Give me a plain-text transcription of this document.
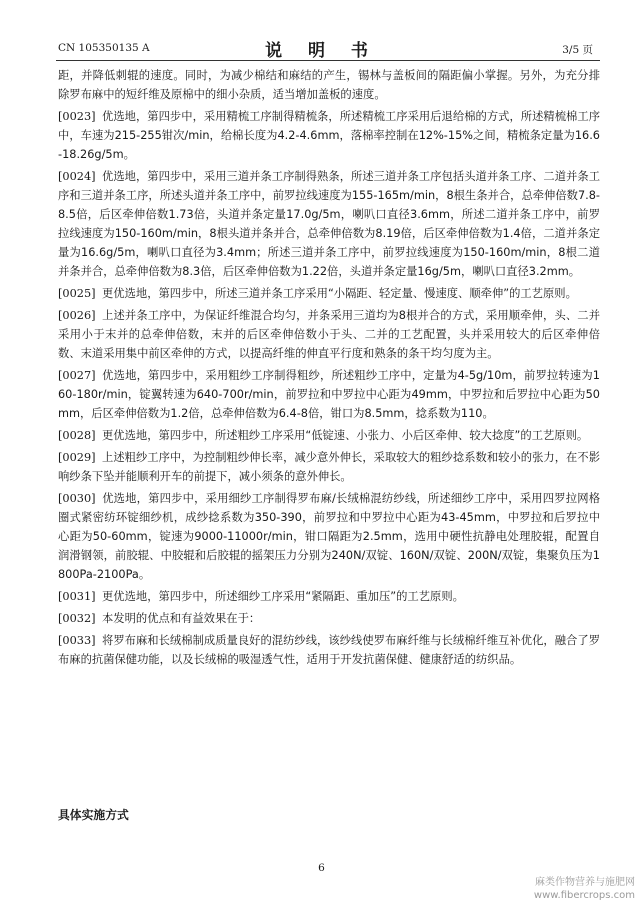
CN 105350135 A	说 明 书	3/5 页

距，并降低刺辊的速度。同时，为减少棉结和麻结的产生，锡林与盖板间的隔距偏小掌握。另外，为充分排除罗布麻中的短纤维及原棉中的细小杂质，适当增加盖板的速度。

[0023] 优选地，第四步中，采用精梳工序制得精梳条，所述精梳工序采用后退给棉的方式，所述精梳棉工序中，车速为215-255钳次/min，给棉长度为4.2-4.6mm，落棉率控制在12%-15%之间，精梳条定量为16.6-18.26g/5m。

[0024] 优选地，第四步中，采用三道并条工序制得熟条，所述三道并条工序包括头道并条工序、二道并条工序和三道并条工序，所述头道并条工序中，前罗拉线速度为155-165m/min，8根生条并合，总牵伸倍数7.8-8.5倍，后区牵伸倍数1.73倍，头道并条定量17.0g/5m，喇叭口直径3.6mm，所述二道并条工序中，前罗拉线速度为150-160m/min，8根头道并条并合，总牵伸倍数为8.19倍，后区牵伸倍数为1.4倍，二道并条定量为16.6g/5m，喇叭口直径为3.4mm；所述三道并条工序中，前罗拉线速度为150-160m/min，8根二道并条并合，总牵伸倍数为8.3倍，后区牵伸倍数为1.22倍，头道并条定量16g/5m，喇叭口直径3.2mm。

[0025] 更优选地，第四步中，所述三道并条工序采用“小隔距、轻定量、慢速度、顺牵伸”的工艺原则。

[0026] 上述并条工序中，为保证纤维混合均匀，并条采用三道均为8根并合的方式，采用顺牵伸，头、二并采用小于末并的总牵伸倍数，末并的后区牵伸倍数小于头、二并的工艺配置，头并采用较大的后区牵伸倍数、末道采用集中前区牵伸的方式，以提高纤维的伸直平行度和熟条的条干均匀度为主。

[0027] 优选地，第四步中，采用粗纱工序制得粗纱，所述粗纱工序中，定量为4-5g/10m，前罗拉转速为160-180r/min，锭翼转速为640-700r/min，前罗拉和中罗拉中心距为49mm，中罗拉和后罗拉中心距为50mm，后区牵伸倍数为1.2倍，总牵伸倍数为6.4-8倍，钳口为8.5mm，捻系数为110。

[0028] 更优选地，第四步中，所述粗纱工序采用“低锭速、小张力、小后区牵伸、较大捻度”的工艺原则。

[0029] 上述粗纱工序中，为控制粗纱伸长率，减少意外伸长，采取较大的粗纱捻系数和较小的张力，在不影响纱条下坠并能顺利开车的前提下，减小须条的意外伸长。

[0030] 优选地，第四步中，采用细纱工序制得罗布麻/长绒棉混纺纱线，所述细纱工序中，采用四罗拉网格圈式紧密纺环锭细纱机，成纱捻系数为350-390，前罗拉和中罗拉中心距为43-45mm，中罗拉和后罗拉中心距为50-60mm，锭速为9000-11000r/min，钳口隔距为2.5mm，选用中硬性抗静电处理胶辊，配置自润滑钢领，前胶辊、中胶辊和后胶辊的摇架压力分别为240N/双锭、160N/双锭、200N/双锭，集聚负压为1800Pa-2100Pa。

[0031] 更优选地，第四步中，所述细纱工序采用“紧隔距、重加压”的工艺原则。

[0032] 本发明的优点和有益效果在于：

[0033] 将罗布麻和长绒棉制成质量良好的混纺纱线，该纱线使罗布麻纤维与长绒棉纤维互补优化，融合了罗布麻的抗菌保健功能，以及长绒棉的吸湿透气性，适用于开发抗菌保健、健康舒适的纺织品。

具体实施方式
6
麻类作物营养与施肥网
www.fibercrops.com
